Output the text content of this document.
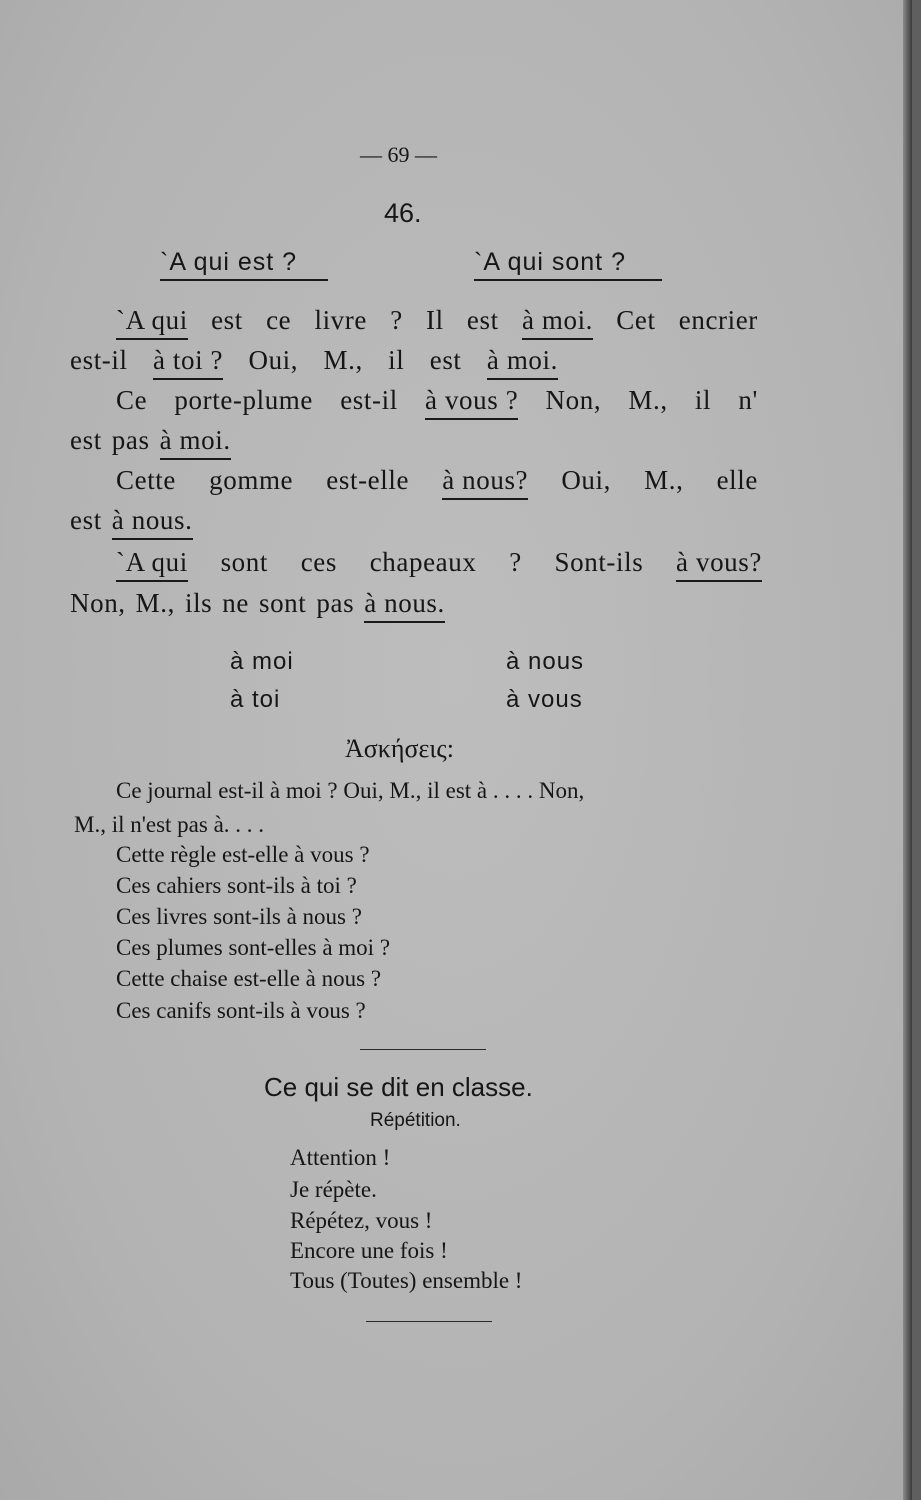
— 69 —
46.
`A qui est ?	`A qui sont ?
`A qui est ce livre ? Il est à moi. Cet encrier
est-il à toi ? Oui, M., il est à moi.
Ce porte-plume est-il à vous ? Non, M., il n'
est pas à moi.
Cette gomme est-elle à nous? Oui, M., elle
est à nous.
`A qui sont ces chapeaux ? Sont-ils à vous?
Non, M., ils ne sont pas à nous.
à moi
à toi
à nous
à vous
Ἀσκήσεις:
Ce journal est-il à moi ? Oui, M., il est à . . . . Non,
M., il n'est pas à. . . .
Cette règle est-elle à vous ?
Ces cahiers sont-ils à toi ?
Ces livres sont-ils à nous ?
Ces plumes sont-elles à moi ?
Cette chaise est-elle à nous ?
Ces canifs sont-ils à vous ?
Ce qui se dit en classe.
Répétition.
Attention !
Je répète.
Répétez, vous !
Encore une fois !
Tous (Toutes) ensemble !
